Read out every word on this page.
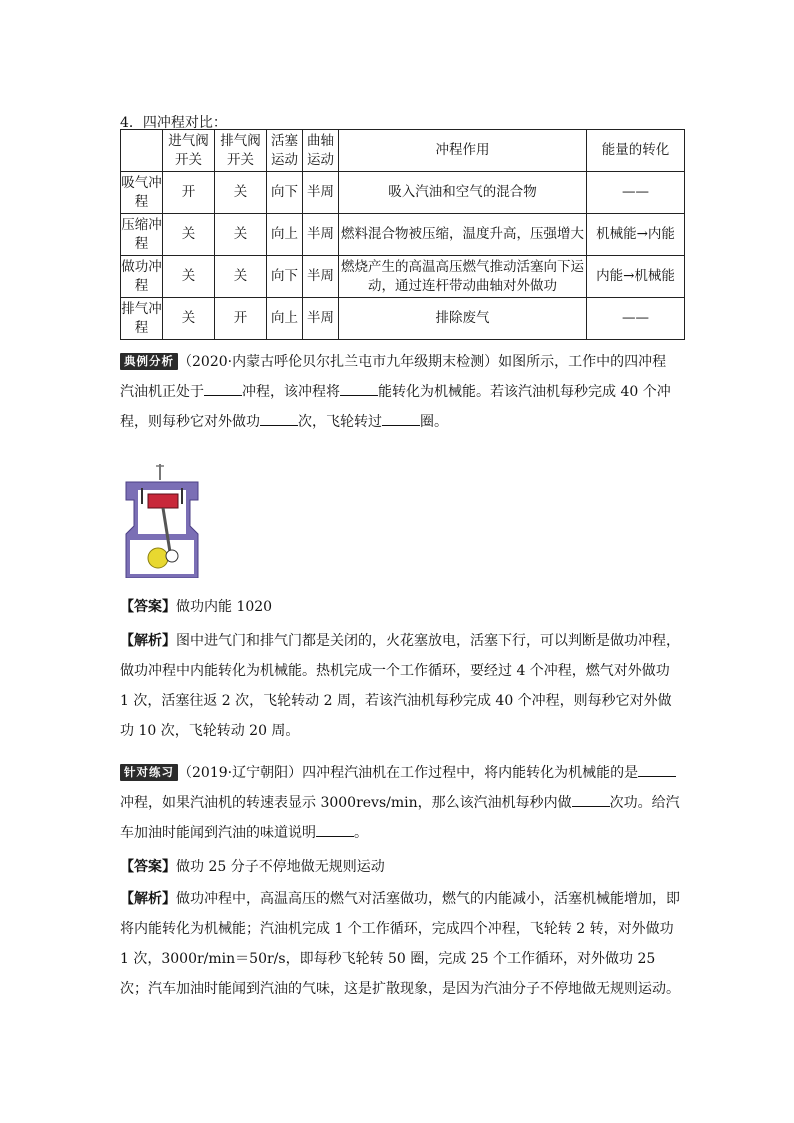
4．四冲程对比：
	进气阀开关	排气阀开关	活塞运动	曲轴运动	冲程作用	能量的转化
吸气冲程	开	关	向下	半周	吸入汽油和空气的混合物	——
压缩冲程	关	关	向上	半周	燃料混合物被压缩，温度升高，压强增大	机械能→内能
做功冲程	关	关	向下	半周	燃烧产生的高温高压燃气推动活塞向下运动，通过连杆带动曲轴对外做功	内能→机械能
排气冲程	关	开	向上	半周	排除废气	——
典例分析 （2020·内蒙古呼伦贝尔扎兰屯市九年级期末检测）如图所示，工作中的四冲程汽油机正处于	冲程，该冲程将	能转化为机械能。若该汽油机每秒完成 40 个冲程，则每秒它对外做功	次，飞轮转过	圈。
【答案】做功内能 1020
【解析】图中进气门和排气门都是关闭的，火花塞放电，活塞下行，可以判断是做功冲程，做功冲程中内能转化为机械能。热机完成一个工作循环，要经过 4 个冲程，燃气对外做功 1 次，活塞往返 2 次，飞轮转动 2 周，若该汽油机每秒完成 40 个冲程，则每秒它对外做功 10 次，飞轮转动 20 周。
针对练习 （2019·辽宁朝阳）四冲程汽油机在工作过程中，将内能转化为机械能的是冲程，如果汽油机的转速表显示 3000revs/min，那么该汽油机每秒内做	次功。给汽车加油时能闻到汽油的味道说明	。
【答案】做功 25 分子不停地做无规则运动
【解析】做功冲程中，高温高压的燃气对活塞做功，燃气的内能减小，活塞机械能增加，即将内能转化为机械能；汽油机完成 1 个工作循环，完成四个冲程，飞轮转 2 转，对外做功 1 次，3000r/min＝50r/s，即每秒飞轮转 50 圈，完成 25 个工作循环，对外做功 25 次；汽车加油时能闻到汽油的气味，这是扩散现象，是因为汽油分子不停地做无规则运动。
